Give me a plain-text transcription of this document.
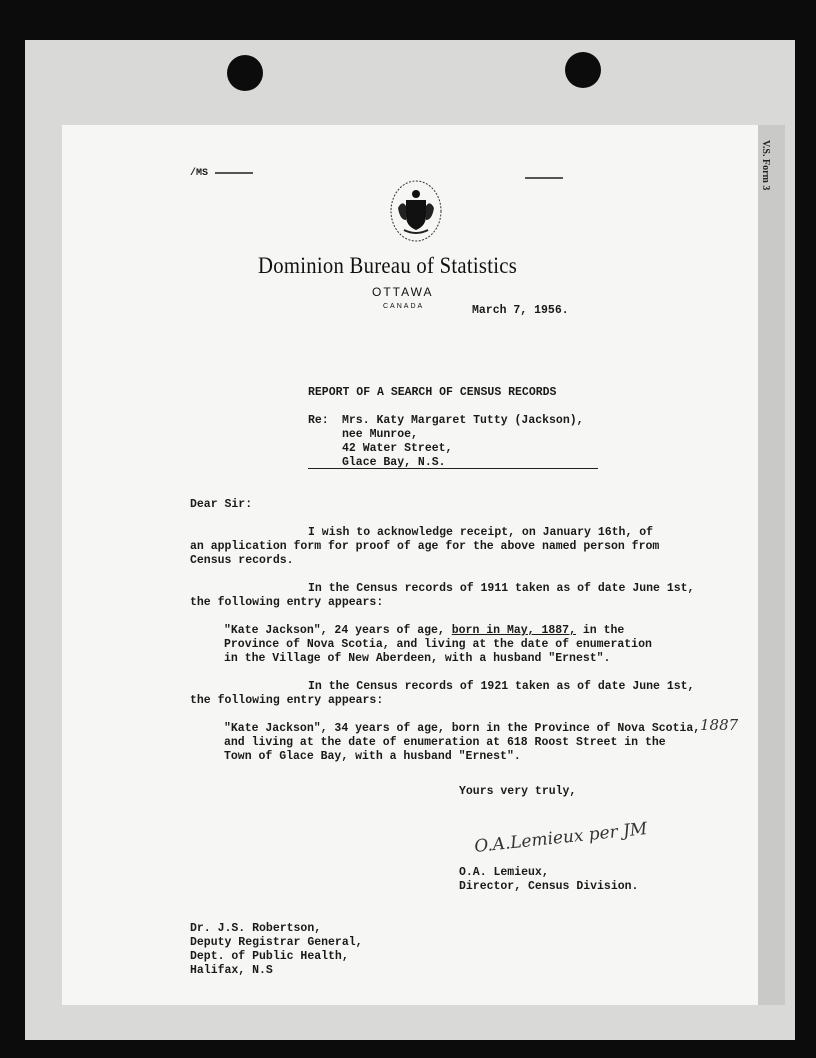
V.S. Form 3
/MS
Dominion Bureau of Statistics
OTTAWA
CANADA	March 7, 1956.
REPORT OF A SEARCH OF CENSUS RECORDS
Re: Mrs. Katy Margaret Tutty (Jackson),
nee Munroe,
42 Water Street,
Glace Bay, N.S.
Dear Sir:
I wish to acknowledge receipt, on January 16th, of
an application form for proof of age for the above named person from
Census records.
In the Census records of 1911 taken as of date June 1st,
the following entry appears:
"Kate Jackson", 24 years of age, born in May, 1887, in the
Province of Nova Scotia, and living at the date of enumeration
in the Village of New Aberdeen, with a husband "Ernest".
In the Census records of 1921 taken as of date June 1st,
the following entry appears:
"Kate Jackson", 34 years of age, born in the Province of Nova Scotia, 1887
and living at the date of enumeration at 618 Roost Street in the
Town of Glace Bay, with a husband "Ernest".
Yours very truly,
O.A.Lemieux per JM
O.A. Lemieux,
Director, Census Division.
Dr. J.S. Robertson,
Deputy Registrar General,
Dept. of Public Health,
Halifax, N.S
